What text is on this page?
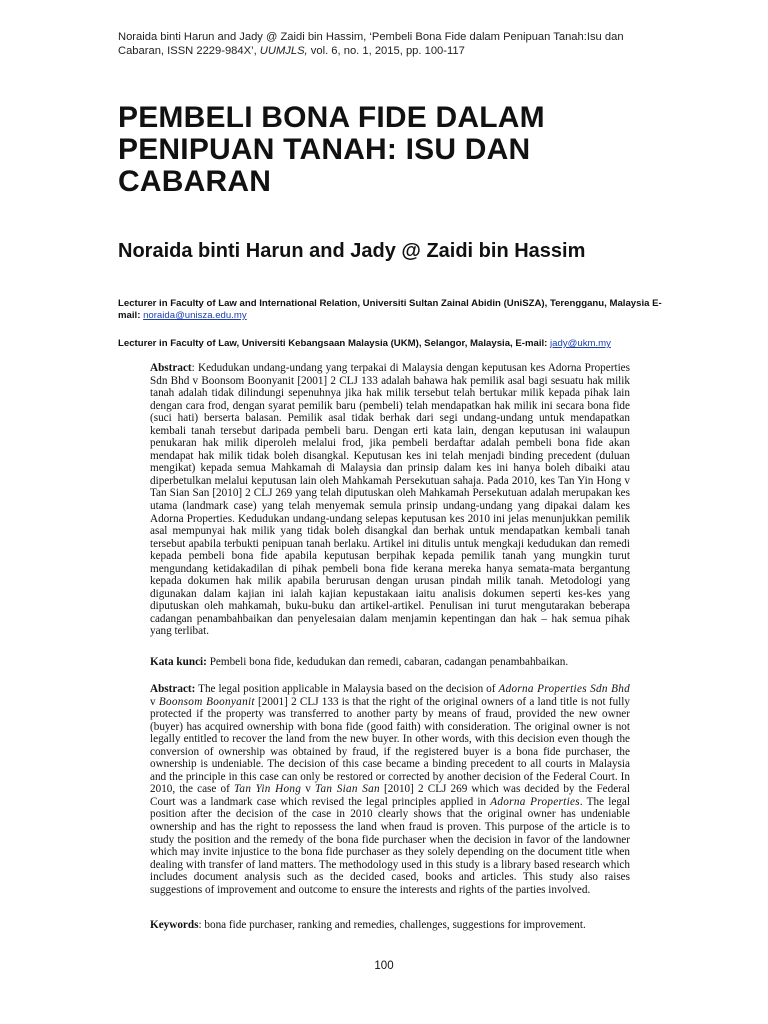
Noraida binti Harun and Jady @ Zaidi bin Hassim, ‘Pembeli Bona Fide dalam Penipuan Tanah:Isu dan Cabaran, ISSN 2229-984X’, UUMJLS, vol. 6, no. 1, 2015, pp. 100-117
PEMBELI BONA FIDE DALAM PENIPUAN TANAH: ISU DAN CABARAN
Noraida binti Harun and Jady @ Zaidi bin Hassim
Lecturer in Faculty of Law and International Relation, Universiti Sultan Zainal Abidin (UniSZA), Terengganu, Malaysia E-mail: noraida@unisza.edu.my
Lecturer in Faculty of Law, Universiti Kebangsaan Malaysia (UKM), Selangor, Malaysia, E-mail: jady@ukm.my

Abstract: Kedudukan undang-undang yang terpakai di Malaysia dengan keputusan kes Adorna Properties Sdn Bhd v Boonsom Boonyanit [2001] 2 CLJ 133 adalah bahawa hak pemilik asal bagi sesuatu hak milik tanah adalah tidak dilindungi sepenuhnya jika hak milik tersebut telah bertukar milik kepada pihak lain dengan cara frod, dengan syarat pemilik baru (pembeli) telah mendapatkan hak milik ini secara bona fide (suci hati) berserta balasan. Pemilik asal tidak berhak dari segi undang-undang untuk mendapatkan kembali tanah tersebut daripada pembeli baru. Dengan erti kata lain, dengan keputusan ini walaupun penukaran hak milik diperoleh melalui frod, jika pembeli berdaftar adalah pembeli bona fide akan mendapat hak milik tidak boleh disangkal. Keputusan kes ini telah menjadi binding precedent (duluan mengikat) kepada semua Mahkamah di Malaysia dan prinsip dalam kes ini hanya boleh dibaiki atau diperbetulkan melalui keputusan lain oleh Mahkamah Persekutuan sahaja. Pada 2010, kes Tan Yin Hong v Tan Sian San [2010] 2 CLJ 269 yang telah diputuskan oleh Mahkamah Persekutuan adalah merupakan kes utama (landmark case) yang telah menyemak semula prinsip undang-undang yang dipakai dalam kes Adorna Properties. Kedudukan undang-undang selepas keputusan kes 2010 ini jelas menunjukkan pemilik asal mempunyai hak milik yang tidak boleh disangkal dan berhak untuk mendapatkan kembali tanah tersebut apabila terbukti penipuan tanah berlaku. Artikel ini ditulis untuk mengkaji kedudukan dan remedi kepada pembeli bona fide apabila keputusan berpihak kepada pemilik tanah yang mungkin turut mengundang ketidakadilan di pihak pembeli bona fide kerana mereka hanya semata-mata bergantung kepada dokumen hak milik apabila berurusan dengan urusan pindah milik tanah. Metodologi yang digunakan dalam kajian ini ialah kajian kepustakaan iaitu analisis dokumen seperti kes-kes yang diputuskan oleh mahkamah, buku-buku dan artikel-artikel. Penulisan ini turut mengutarakan beberapa cadangan penambahbaikan dan penyelesaian dalam menjamin kepentingan dan hak – hak semua pihak yang terlibat.

Kata kunci: Pembeli bona fide, kedudukan dan remedi, cabaran, cadangan penambahbaikan.

Abstract: The legal position applicable in Malaysia based on the decision of Adorna Properties Sdn Bhd v Boonsom Boonyanit [2001] 2 CLJ 133 is that the right of the original owners of a land title is not fully protected if the property was transferred to another party by means of fraud, provided the new owner (buyer) has acquired ownership with bona fide (good faith) with consideration. The original owner is not legally entitled to recover the land from the new buyer. In other words, with this decision even though the conversion of ownership was obtained by fraud, if the registered buyer is a bona fide purchaser, the ownership is undeniable. The decision of this case became a binding precedent to all courts in Malaysia and the principle in this case can only be restored or corrected by another decision of the Federal Court. In 2010, the case of Tan Yin Hong v Tan Sian San [2010] 2 CLJ 269 which was decided by the Federal Court was a landmark case which revised the legal principles applied in Adorna Properties. The legal position after the decision of the case in 2010 clearly shows that the original owner has undeniable ownership and has the right to repossess the land when fraud is proven. This purpose of the article is to study the position and the remedy of the bona fide purchaser when the decision in favor of the landowner which may invite injustice to the bona fide purchaser as they solely depending on the document title when dealing with transfer of land matters. The methodology used in this study is a library based research which includes document analysis such as the decided cased, books and articles. This study also raises suggestions of improvement and outcome to ensure the interests and rights of the parties involved.

Keywords: bona fide purchaser, ranking and remedies, challenges, suggestions for improvement.

100
